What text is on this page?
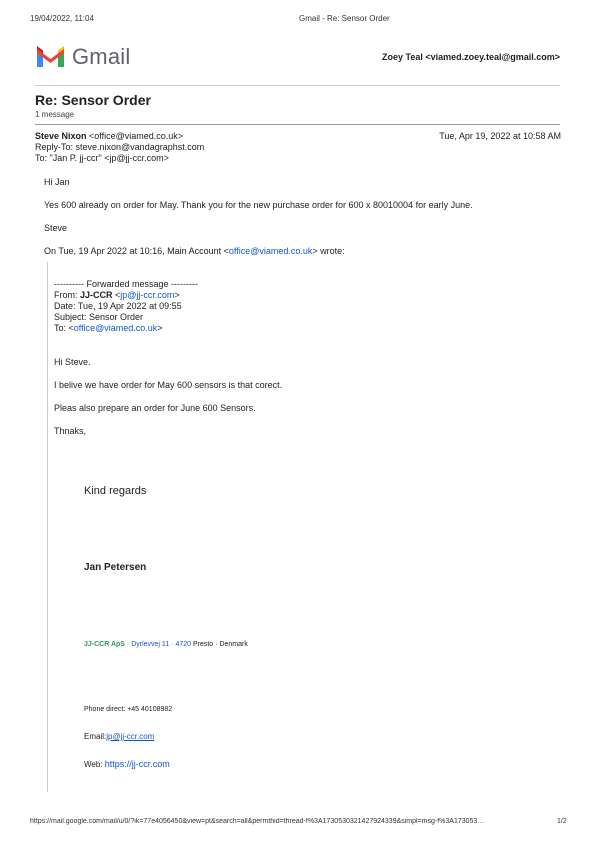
19/04/2022, 11:04	Gmail - Re: Sensor Order
Gmail	Zoey Teal <viamed.zoey.teal@gmail.com>
Re: Sensor Order
1 message
Steve Nixon <office@viamed.co.uk>	Tue, Apr 19, 2022 at 10:58 AM
Reply-To: steve.nixon@vandagraphst.com
To: "Jan P. jj-ccr" <jp@jj-ccr.com>
Hi Jan
Yes 600 already on order for May. Thank you for the new purchase order for 600 x 80010004 for early June.
Steve
On Tue, 19 Apr 2022 at 10:16, Main Account <office@viamed.co.uk> wrote:
---------- Forwarded message ---------
From: JJ-CCR <jp@jj-ccr.com>
Date: Tue, 19 Apr 2022 at 09:55
Subject: Sensor Order
To: <office@viamed.co.uk>
Hi Steve.
I belive we have order for May 600 sensors is that corect.
Pleas also prepare an order for June 600 Sensors.
Thnaks,
Kind regards
Jan Petersen
JJ-CCR ApS · Dyrlevvej 11 · 4720 Presto · Denmark
Phone direct: +45 40108982
Email:jp@jj-ccr.com
Web: https://jj-ccr.com
https://mail.google.com/mail/u/0/?ik=77e4056450&view=pt&search=all&permthid=thread-f%3A1730530321427924339&simpl=msg-f%3A173053…	1/2
